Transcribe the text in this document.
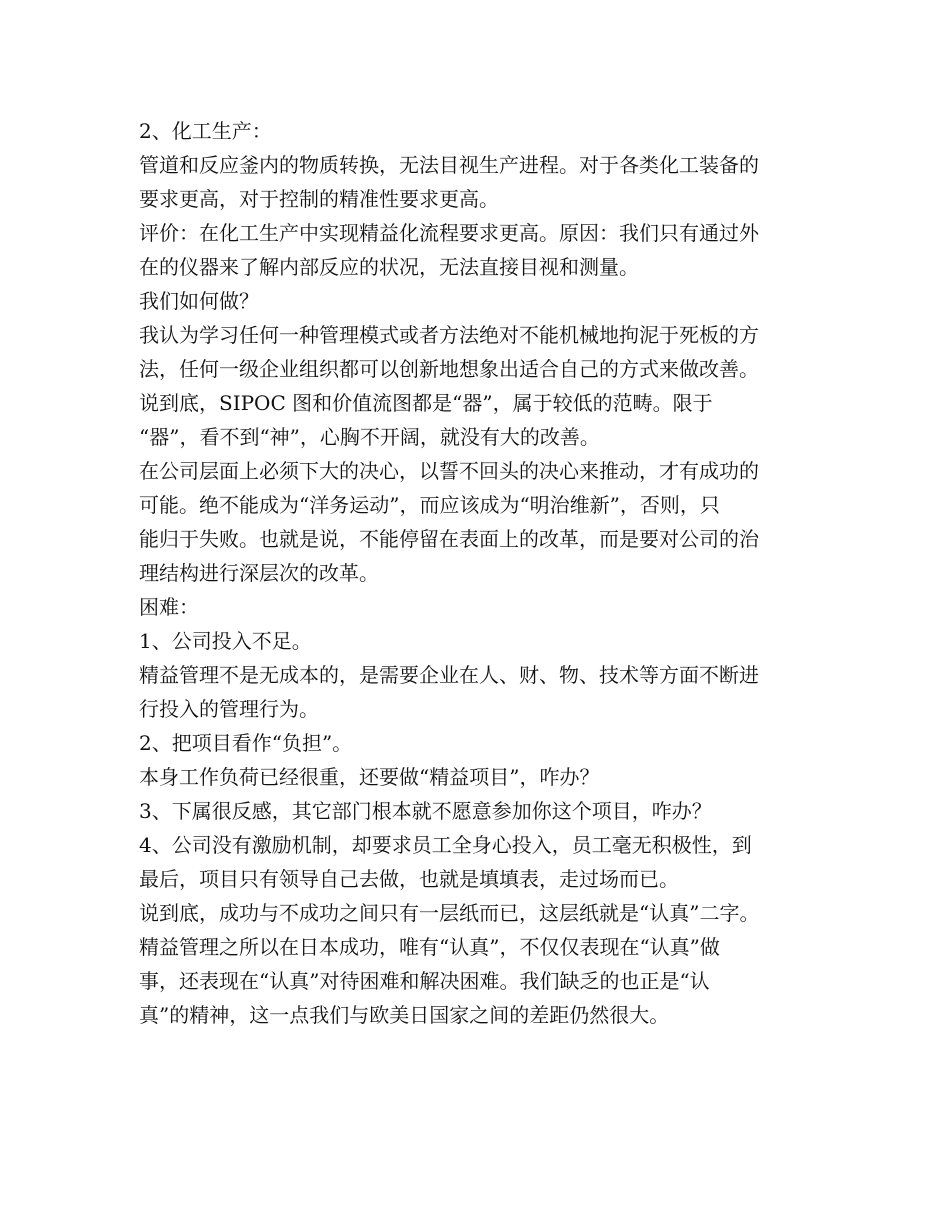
2、化工生产：
管道和反应釜内的物质转换，无法目视生产进程。对于各类化工装备的
要求更高，对于控制的精准性要求更高。
评价：在化工生产中实现精益化流程要求更高。原因：我们只有通过外
在的仪器来了解内部反应的状况，无法直接目视和测量。
我们如何做？
我认为学习任何一种管理模式或者方法绝对不能机械地拘泥于死板的方
法，任何一级企业组织都可以创新地想象出适合自己的方式来做改善。
说到底，SIPOC 图和价值流图都是“器”，属于较低的范畴。限于
“器”，看不到“神”，心胸不开阔，就没有大的改善。
在公司层面上必须下大的决心，以誓不回头的决心来推动，才有成功的
可能。绝不能成为“洋务运动”，而应该成为“明治维新”，否则，只
能归于失败。也就是说，不能停留在表面上的改革，而是要对公司的治
理结构进行深层次的改革。
困难：
1、公司投入不足。
精益管理不是无成本的，是需要企业在人、财、物、技术等方面不断进
行投入的管理行为。
2、把项目看作“负担”。
本身工作负荷已经很重，还要做“精益项目”，咋办？
3、下属很反感，其它部门根本就不愿意参加你这个项目，咋办？
4、公司没有激励机制，却要求员工全身心投入，员工毫无积极性，到
最后，项目只有领导自己去做，也就是填填表，走过场而已。
说到底，成功与不成功之间只有一层纸而已，这层纸就是“认真”二字。
精益管理之所以在日本成功，唯有“认真”，不仅仅表现在“认真”做
事，还表现在“认真”对待困难和解决困难。我们缺乏的也正是“认
真”的精神，这一点我们与欧美日国家之间的差距仍然很大。
